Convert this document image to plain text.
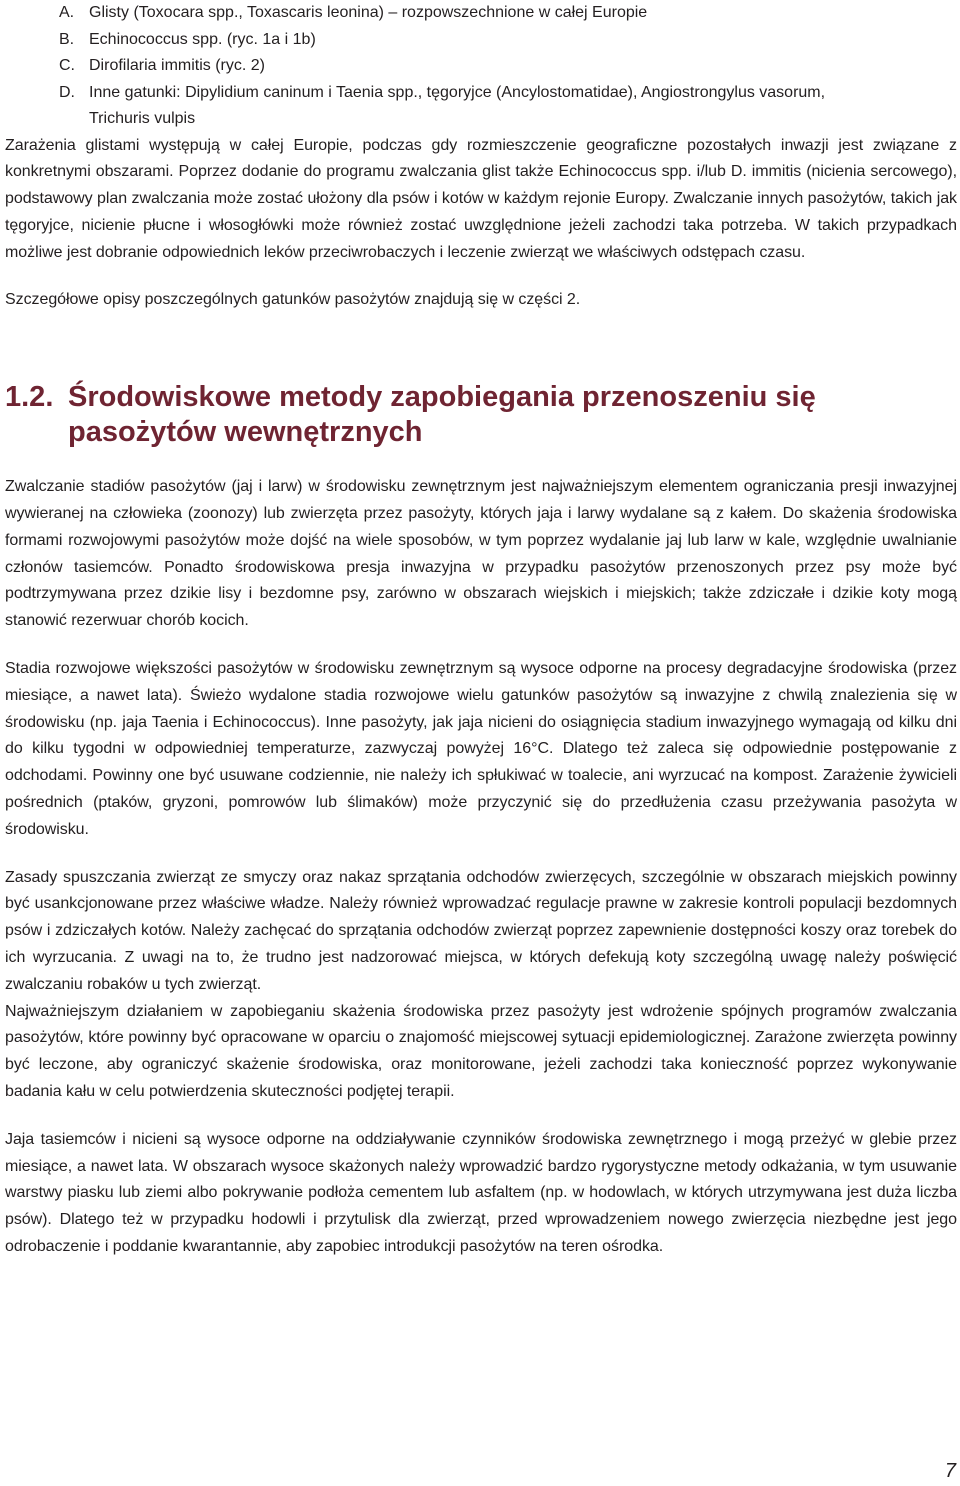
A. Glisty (Toxocara spp., Toxascaris leonina) – rozpowszechnione w całej Europie
B. Echinococcus spp. (ryc. 1a i 1b)
C. Dirofilaria immitis (ryc. 2)
D. Inne gatunki: Dipylidium caninum i Taenia spp., tęgoryjce (Ancylostomatidae), Angiostrongylus vasorum,
Trichuris vulpis

Zarażenia glistami występują w całej Europie, podczas gdy rozmieszczenie geograficzne pozostałych inwazji jest związane z konkretnymi obszarami. Poprzez dodanie do programu zwalczania glist także Echinococcus spp. i/lub D. immitis (nicienia sercowego), podstawowy plan zwalczania może zostać ułożony dla psów i kotów w każdym rejonie Europy. Zwalczanie innych pasożytów, takich jak tęgoryjce, nicienie płucne i włosogłówki może również zostać uwzględnione jeżeli zachodzi taka potrzeba. W takich przypadkach możliwe jest dobranie odpowiednich leków przeciwrobaczych i leczenie zwierząt we właściwych odstępach czasu.

Szczegółowe opisy poszczególnych gatunków pasożytów znajdują się w części 2.

1.2. Środowiskowe metody zapobiegania przenoszeniu się pasożytów wewnętrznych

Zwalczanie stadiów pasożytów (jaj i larw) w środowisku zewnętrznym jest najważniejszym elementem ograniczania presji inwazyjnej wywieranej na człowieka (zoonozy) lub zwierzęta przez pasożyty, których jaja i larwy wydalane są z kałem. Do skażenia środowiska formami rozwojowymi pasożytów może dojść na wiele sposobów, w tym poprzez wydalanie jaj lub larw w kale, względnie uwalnianie członów tasiemców. Ponadto środowiskowa presja inwazyjna w przypadku pasożytów przenoszonych przez psy może być podtrzymywana przez dzikie lisy i bezdomne psy, zarówno w obszarach wiejskich i miejskich; także zdziczałe i dzikie koty mogą stanowić rezerwuar chorób kocich.

Stadia rozwojowe większości pasożytów w środowisku zewnętrznym są wysoce odporne na procesy degradacyjne środowiska (przez miesiące, a nawet lata). Świeżo wydalone stadia rozwojowe wielu gatunków pasożytów są inwazyjne z chwilą znalezienia się w środowisku (np. jaja Taenia i Echinococcus). Inne pasożyty, jak jaja nicieni do osiągnięcia stadium inwazyjnego wymagają od kilku dni do kilku tygodni w odpowiedniej temperaturze, zazwyczaj powyżej 16°C. Dlatego też zaleca się odpowiednie postępowanie z odchodami. Powinny one być usuwane codziennie, nie należy ich spłukiwać w toalecie, ani wyrzucać na kompost. Zarażenie żywicieli pośrednich (ptaków, gryzoni, pomrowów lub ślimaków) może przyczynić się do przedłużenia czasu przeżywania pasożyta w środowisku.

Zasady spuszczania zwierząt ze smyczy oraz nakaz sprzątania odchodów zwierzęcych, szczególnie w obszarach miejskich powinny być usankcjonowane przez właściwe władze. Należy również wprowadzać regulacje prawne w zakresie kontroli populacji bezdomnych psów i zdziczałych kotów. Należy zachęcać do sprzątania odchodów zwierząt poprzez zapewnienie dostępności koszy oraz torebek do ich wyrzucania. Z uwagi na to, że trudno jest nadzorować miejsca, w których defekują koty szczególną uwagę należy poświęcić zwalczaniu robaków u tych zwierząt.

Najważniejszym działaniem w zapobieganiu skażenia środowiska przez pasożyty jest wdrożenie spójnych programów zwalczania pasożytów, które powinny być opracowane w oparciu o znajomość miejscowej sytuacji epidemiologicznej. Zarażone zwierzęta powinny być leczone, aby ograniczyć skażenie środowiska, oraz monitorowane, jeżeli zachodzi taka konieczność poprzez wykonywanie badania kału w celu potwierdzenia skuteczności podjętej terapii.

Jaja tasiemców i nicieni są wysoce odporne na oddziaływanie czynników środowiska zewnętrznego i mogą przeżyć w glebie przez miesiące, a nawet lata. W obszarach wysoce skażonych należy wprowadzić bardzo rygorystyczne metody odkażania, w tym usuwanie warstwy piasku lub ziemi albo pokrywanie podłoża cementem lub asfaltem (np. w hodowlach, w których utrzymywana jest duża liczba psów). Dlatego też w przypadku hodowli i przytulisk dla zwierząt, przed wprowadzeniem nowego zwierzęcia niezbędne jest jego odrobaczenie i poddanie kwarantannie, aby zapobiec introdukcji pasożytów na teren ośrodka.

7
